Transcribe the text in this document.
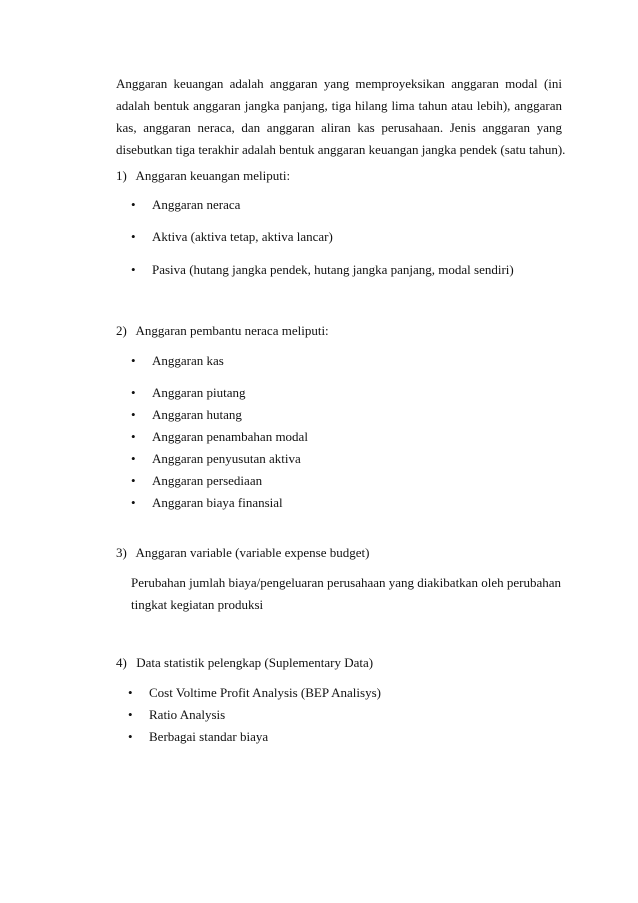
Anggaran keuangan adalah anggaran yang memproyeksikan anggaran modal (ini
adalah bentuk anggaran jangka panjang, tiga hilang lima tahun atau lebih), anggaran
kas, anggaran neraca, dan anggaran aliran kas perusahaan. Jenis anggaran yang
disebutkan tiga terakhir adalah bentuk anggaran keuangan jangka pendek (satu tahun).

1) Anggaran keuangan meliputi:

• Anggaran neraca

• Aktiva (aktiva tetap, aktiva lancar)

• Pasiva (hutang jangka pendek, hutang jangka panjang, modal sendiri)

2) Anggaran pembantu neraca meliputi:

• Anggaran kas

• Anggaran piutang

• Anggaran hutang

• Anggaran penambahan modal

• Anggaran penyusutan aktiva

• Anggaran persediaan

• Anggaran biaya finansial

3) Anggaran variable (variable expense budget)

Perubahan jumlah biaya/pengeluaran perusahaan yang diakibatkan oleh perubahan
tingkat kegiatan produksi

4) Data statistik pelengkap (Suplementary Data)

• Cost Voltime Profit Analysis (BEP Analisys)

• Ratio Analysis

• Berbagai standar biaya
